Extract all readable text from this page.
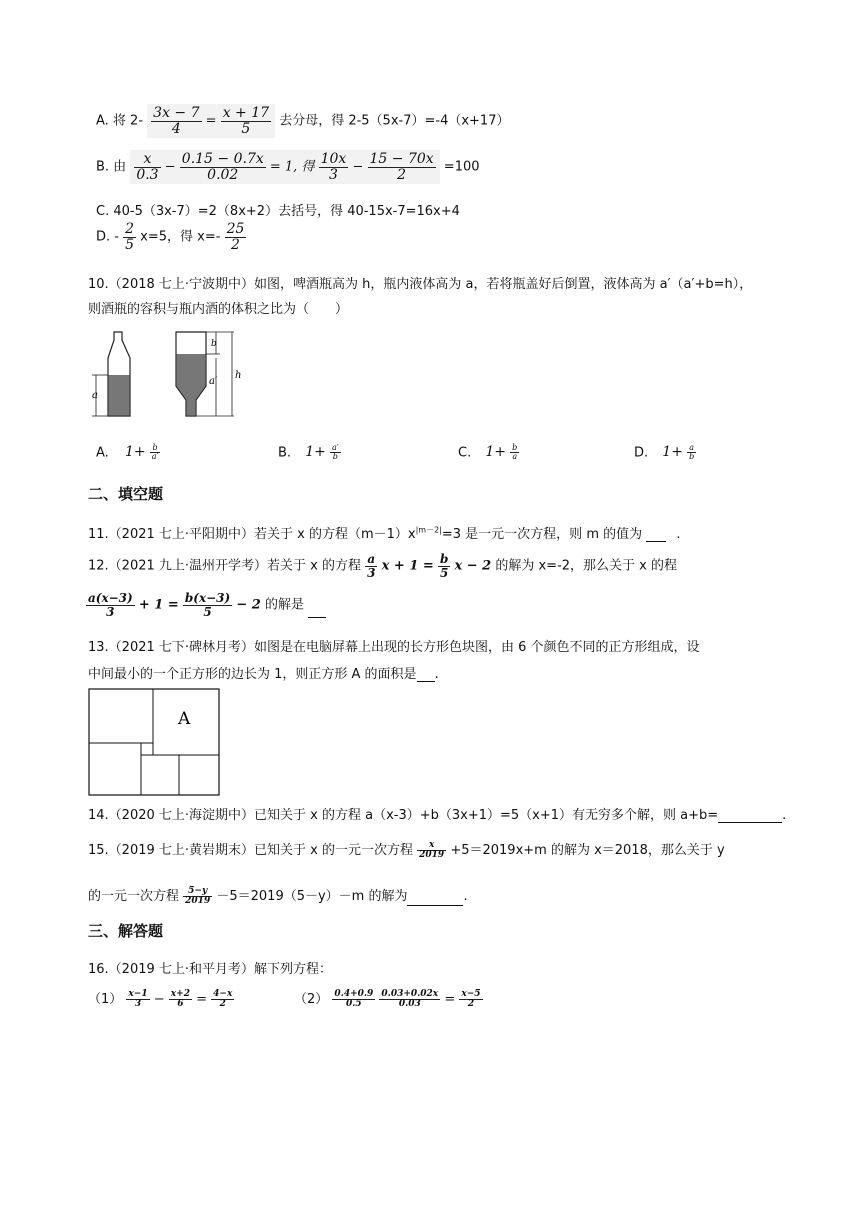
A. 将 $2- \frac{3x - 7}{4} = \frac{x + 17}{5}$ 去分母，得 2-5（5x-7）=-4（x+17）
B. 由 $\frac{x}{0.3} - \frac{0.15 - 0.7x}{0.02} = 1$, 得 $\frac{10x}{3} - \frac{15 - 70x}{2} =100$
C. 40-5（3x-7）=2（8x+2）去括号，得 40-15x-7=16x+4
D. - $\frac{2}{5} x=5$，得 $x=- \frac{25}{2}$
10.（2018 七上·宁波期中）如图，啤酒瓶高为 h，瓶内液体高为 a，若将瓶盖好后倒置，液体高为 a′（a′+b=h），
则酒瓶的容积与瓶内酒的体积之比为（　　）
a
b
a′
h
A. $1+ \frac{b}{a'}$	B. $1+ \frac{a'}{b}$	C. $1+ \frac{b}{a}$	D. $1+ \frac{a}{b}$
二、填空题
11.（2021 七上·平阳期中）若关于 x 的方程$(m-1)x^{|m-2|}=3$ 是一元一次方程，则 m 的值为	.
12.（2021 九上·温州开学考）若关于 x 的方程 $\frac{a}{3}$ $x + 1 = \frac{b}{5}$ x − 2 的解为 x=-2，那么关于 x 的程
$\frac{a(x-3)}{3} + 1 = \frac{b(x-3)}{5} - 2$ 的解是
13.（2021 七下·碑林月考）如图是在电脑屏幕上出现的长方形色块图，由 6 个颜色不同的正方形组成，设
中间最小的一个正方形的边长为 1，则正方形 A 的面积是 .
A
14.（2020 七上·海淀期中）已知关于 x 的方程 a（x-3）+b（3x+1）=5（x+1）有无穷多个解，则 a+b=	.
15.（2019 七上·黄岩期末）已知关于 x 的一元一次方程 $\frac{x}{2019} +5=2019x+m$ 的解为 x＝2018，那么关于 y
的一元一次方程 $\frac{5-y}{2019} -5=2019(5-y)-m$ 的解为	.
三、解答题
16.（2019 七上·和平月考）解下列方程：
$(1) \frac{x-1}{3} - \frac{x+2}{6} = \frac{4-x}{2}$	$(2) \frac{0.4+0.9}{0.5}$
$\frac{0.03+0.02x}{0.03} = \frac{x-5}{2}$
